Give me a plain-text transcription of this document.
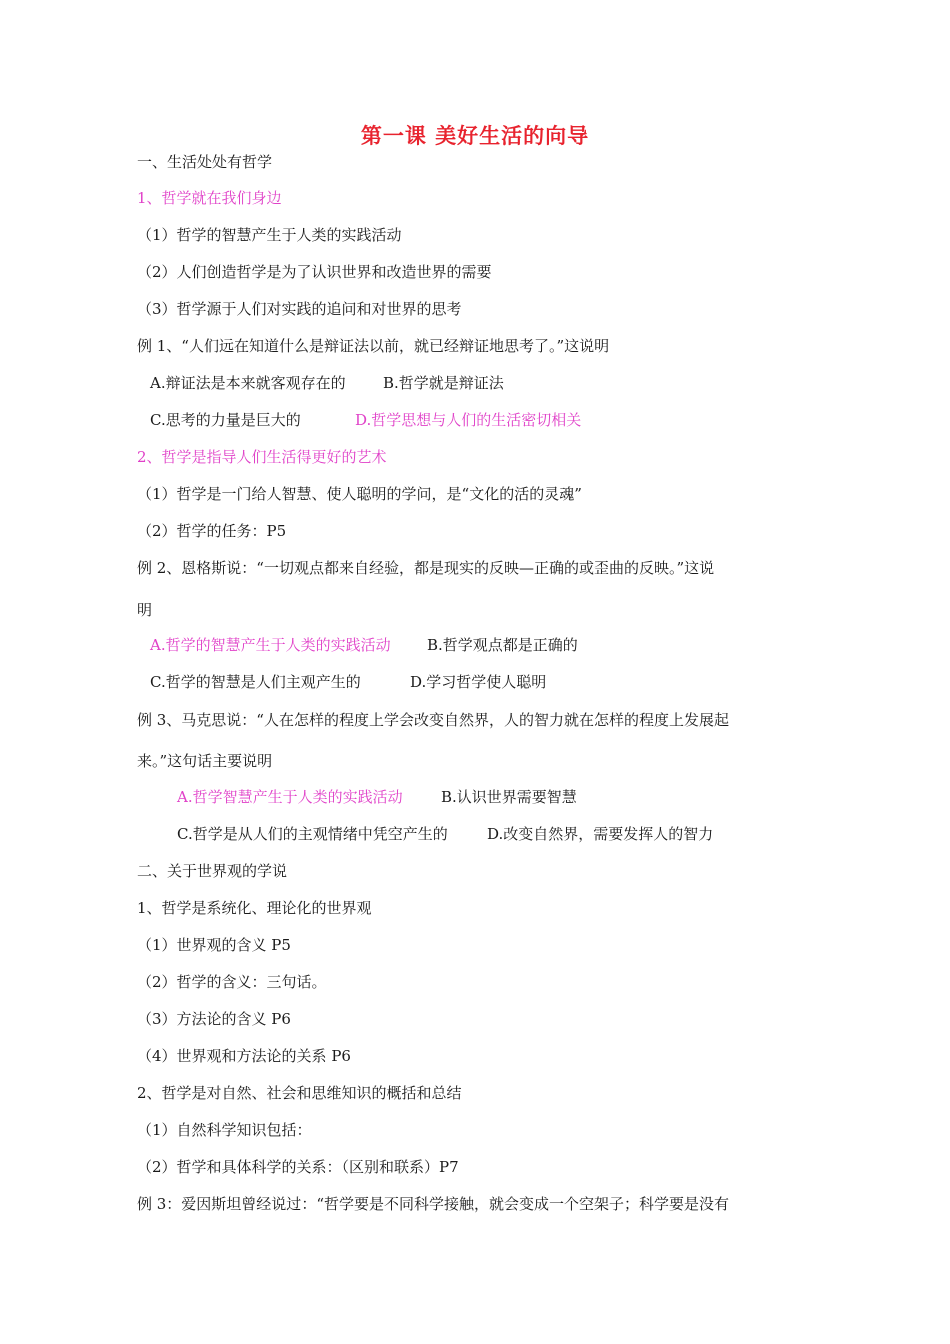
第一课 美好生活的向导
一、生活处处有哲学
1、哲学就在我们身边
（1）哲学的智慧产生于人类的实践活动
（2）人们创造哲学是为了认识世界和改造世界的需要
（3）哲学源于人们对实践的追问和对世界的思考
例 1、“人们远在知道什么是辩证法以前，就已经辩证地思考了。”这说明
A.辩证法是本来就客观存在的 B.哲学就是辩证法
C.思考的力量是巨大的	D.哲学思想与人们的生活密切相关
2、哲学是指导人们生活得更好的艺术
（1）哲学是一门给人智慧、使人聪明的学问，是“文化的活的灵魂”
（2）哲学的任务：P5
例 2、恩格斯说：“一切观点都来自经验，都是现实的反映—正确的或歪曲的反映。”这说
明
A.哲学的智慧产生于人类的实践活动 B.哲学观点都是正确的
C.哲学的智慧是人们主观产生的	D.学习哲学使人聪明
例 3、马克思说：“人在怎样的程度上学会改变自然界，人的智力就在怎样的程度上发展起
来。”这句话主要说明
A.哲学智慧产生于人类的实践活动	B.认识世界需要智慧
C.哲学是从人们的主观情绪中凭空产生的	D.改变自然界，需要发挥人的智力
二、关于世界观的学说
1、哲学是系统化、理论化的世界观
（1）世界观的含义 P5
（2）哲学的含义：三句话。
（3）方法论的含义 P6
（4）世界观和方法论的关系 P6
2、哲学是对自然、社会和思维知识的概括和总结
（1）自然科学知识包括：
（2）哲学和具体科学的关系：（区别和联系）P7
例 3：爱因斯坦曾经说过：“哲学要是不同科学接触，就会变成一个空架子；科学要是没有
